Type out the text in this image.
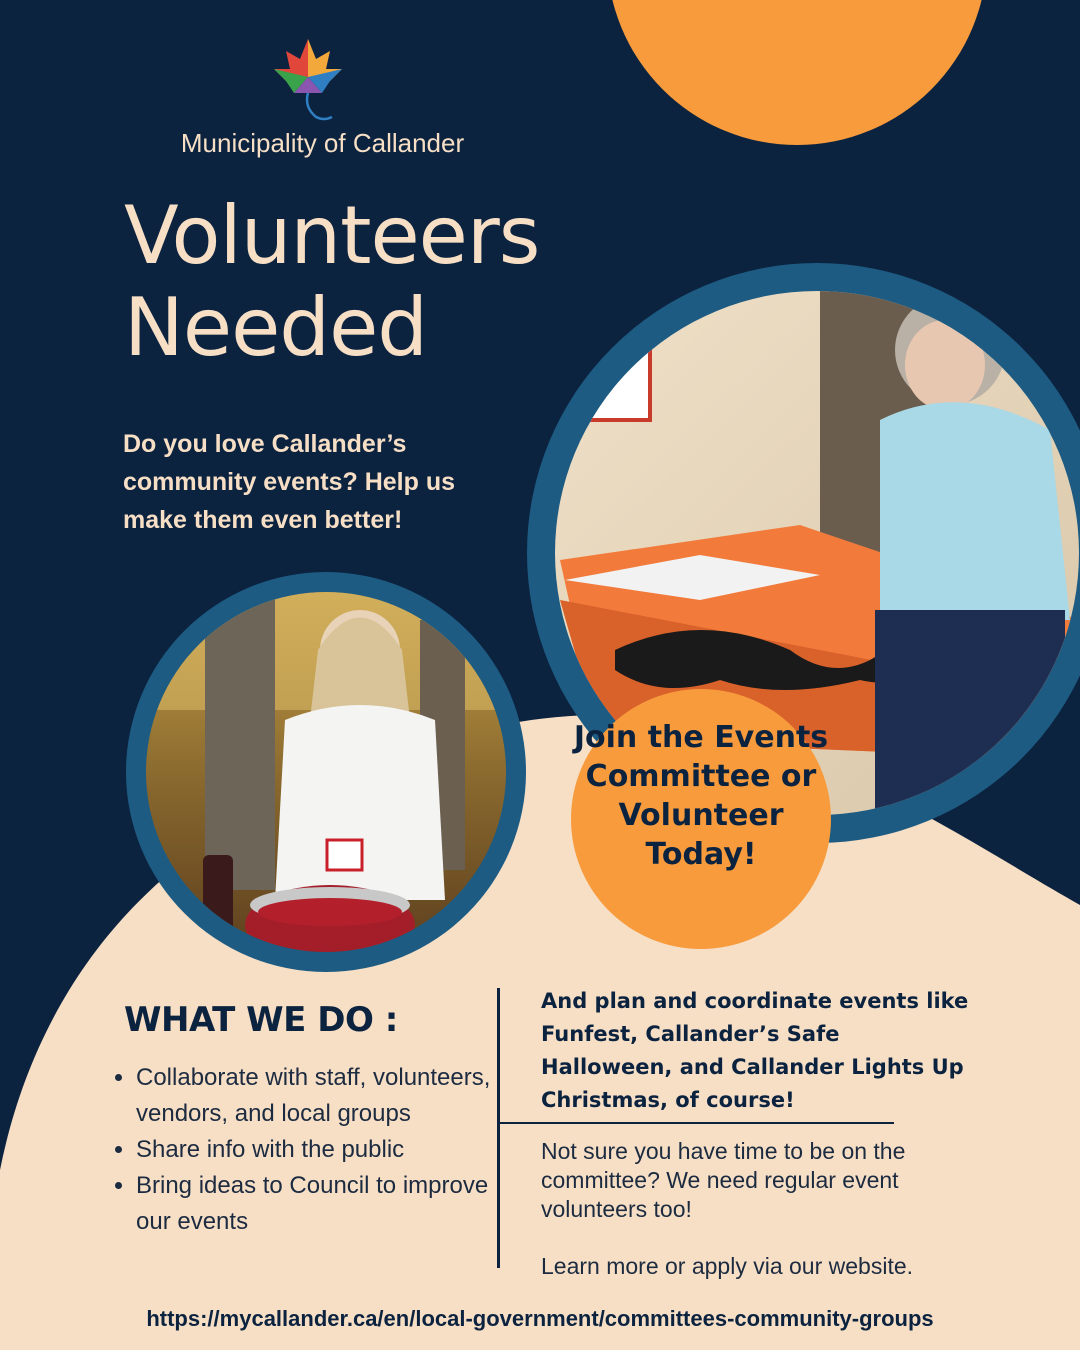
Municipality of Callander
Volunteers
Needed
Do you love Callander’s community events? Help us make them even better!
Join the Events Committee or Volunteer Today!
WHAT WE DO :
• Collaborate with staff, volunteers, vendors, and local groups
• Share info with the public
• Bring ideas to Council to improve our events
And plan and coordinate events like Funfest, Callander’s Safe Halloween, and Callander Lights Up Christmas, of course!
Not sure you have time to be on the committee? We need regular event volunteers too!
Learn more or apply via our website.
https://mycallander.ca/en/local-government/committees-community-groups
